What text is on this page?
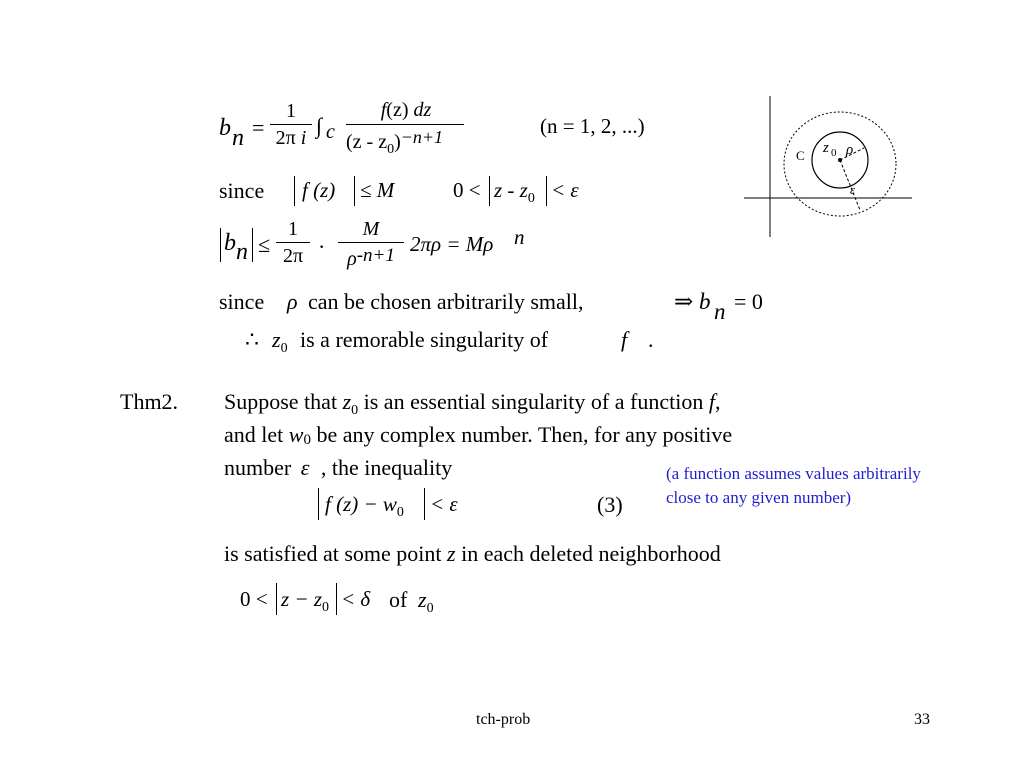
b n =
1
2π i ∫ c
f(z) dz
$(z - z_0)-n+1$	(n = 1, 2, ...)
since f (z) ≤ M	$0 < z - z_0 < \varepsilon$
b n ≤
1
2π ·
M
ρ-n+1 2πρ = Mρ n
since ρ can be chosen arbitrarily small,	⇒ b n = 0
∴ $z_0$ is a remorable singularity of	f .
Thm2. Suppose that $z_0$ is an essential singularity of a function f,
and let w0 be any complex number. Then, for any positive
number ε , the inequality
f $(z) - w_0 < \varepsilon$	(3)
is satisfied at some point z in each deleted neighborhood
$0 < z - z_0 < \delta$ of $z_0$
(a function assumes values arbitrarily
close to any given number)
C z 0 ρ
ε
tch-prob	33
